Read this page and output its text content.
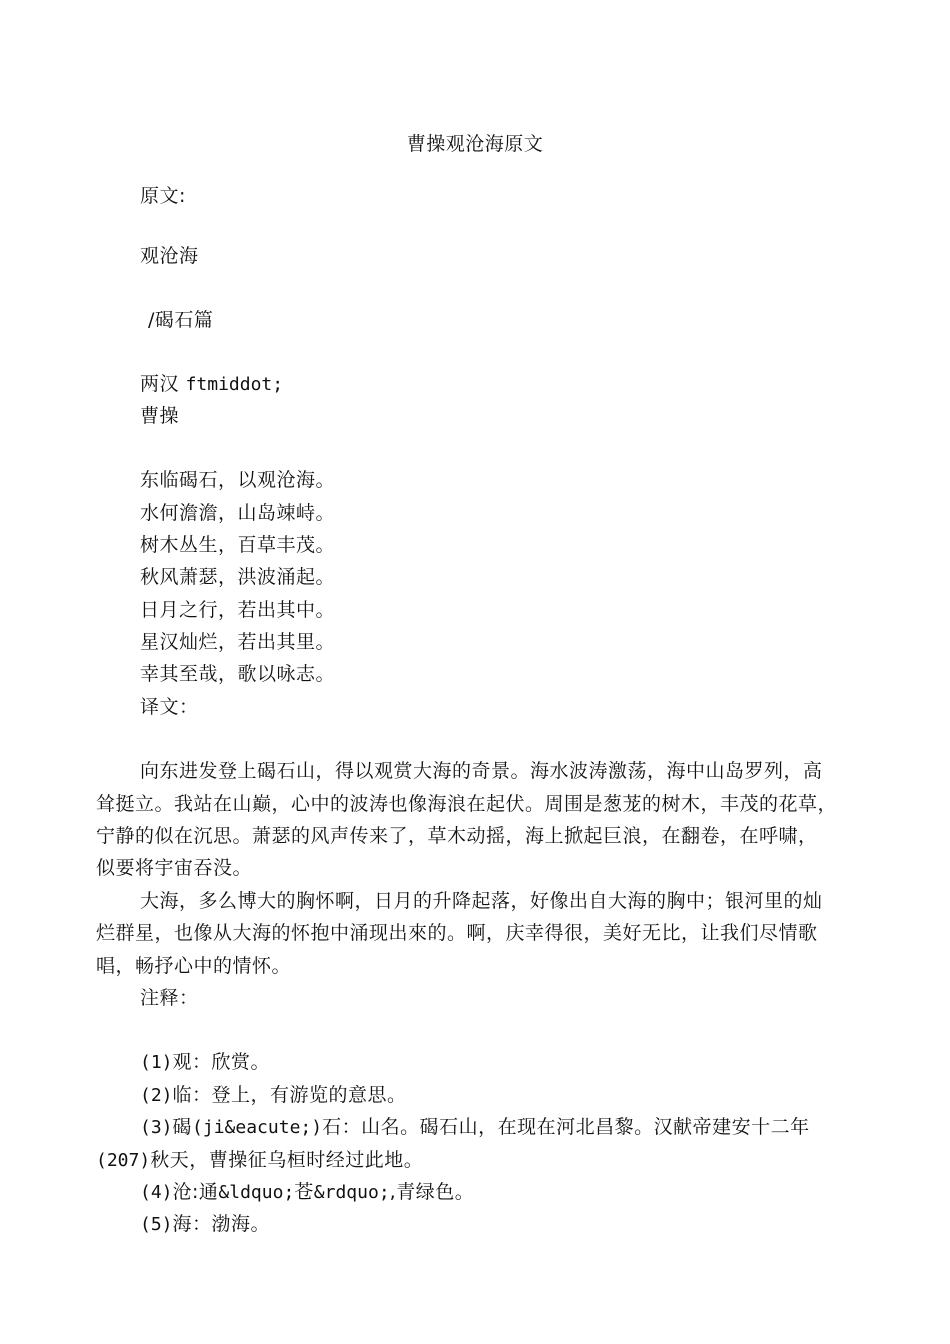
曹操观沧海原文
原文:
观沧海
/碣石篇
两汉 ftmiddot;
曹操
东临碣石，以观沧海。
水何澹澹，山岛竦峙。
树木丛生，百草丰茂。
秋风萧瑟，洪波涌起。
日月之行，若出其中。
星汉灿烂，若出其里。
幸其至哉，歌以咏志。
译文：
向东进发登上碣石山，得以观赏大海的奇景。海水波涛激荡，海中山岛罗列，高
耸挺立。我站在山巅，心中的波涛也像海浪在起伏。周围是葱茏的树木，丰茂的花草，
宁静的似在沉思。萧瑟的风声传来了，草木动摇，海上掀起巨浪，在翻卷，在呼啸，
似要将宇宙吞没。
大海，多么博大的胸怀啊，日月的升降起落，好像出自大海的胸中；银河里的灿
烂群星，也像从大海的怀抱中涌现出來的。啊，庆幸得很，美好无比，让我们尽情歌
唱，畅抒心中的情怀。
注释：
(1)观：欣赏。
(2)临：登上，有游览的意思。
(3)碣(ji&eacute;)石：山名。碣石山，在现在河北昌黎。汉献帝建安十二年
(207)秋天，曹操征乌桓时经过此地。
(4)沧:通&ldquo;苍&rdquo;,青绿色。
(5)海：渤海。
